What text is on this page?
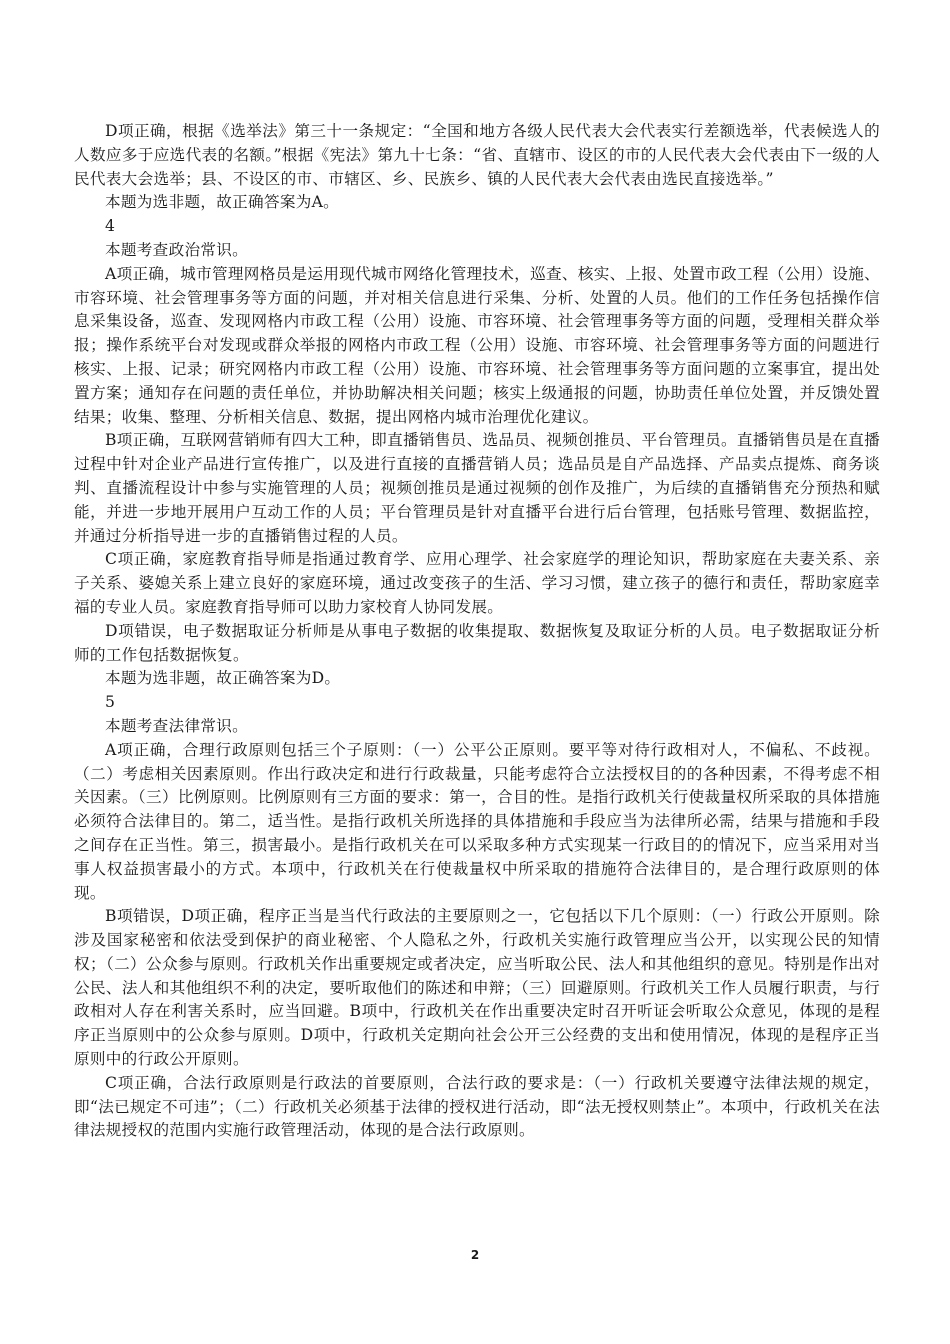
D项正确，根据《选举法》第三十一条规定：“全国和地方各级人民代表大会代表实行差额选举，代表候选人的人数应多于应选代表的名额。”根据《宪法》第九十七条：“省、直辖市、设区的市的人民代表大会代表由下一级的人民代表大会选举；县、不设区的市、市辖区、乡、民族乡、镇的人民代表大会代表由选民直接选举。”

本题为选非题，故正确答案为A。

4

本题考查政治常识。

A项正确，城市管理网格员是运用现代城市网络化管理技术，巡查、核实、上报、处置市政工程（公用）设施、市容环境、社会管理事务等方面的问题，并对相关信息进行采集、分析、处置的人员。他们的工作任务包括操作信息采集设备，巡查、发现网格内市政工程（公用）设施、市容环境、社会管理事务等方面的问题，受理相关群众举报；操作系统平台对发现或群众举报的网格内市政工程（公用）设施、市容环境、社会管理事务等方面的问题进行核实、上报、记录；研究网格内市政工程（公用）设施、市容环境、社会管理事务等方面问题的立案事宜，提出处置方案；通知存在问题的责任单位，并协助解决相关问题；核实上级通报的问题，协助责任单位处置，并反馈处置结果；收集、整理、分析相关信息、数据，提出网格内城市治理优化建议。

B项正确，互联网营销师有四大工种，即直播销售员、选品员、视频创推员、平台管理员。直播销售员是在直播过程中针对企业产品进行宣传推广，以及进行直接的直播营销人员；选品员是自产品选择、产品卖点提炼、商务谈判、直播流程设计中参与实施管理的人员；视频创推员是通过视频的创作及推广，为后续的直播销售充分预热和赋能，并进一步地开展用户互动工作的人员；平台管理员是针对直播平台进行后台管理，包括账号管理、数据监控，并通过分析指导进一步的直播销售过程的人员。

C项正确，家庭教育指导师是指通过教育学、应用心理学、社会家庭学的理论知识，帮助家庭在夫妻关系、亲子关系、婆媳关系上建立良好的家庭环境，通过改变孩子的生活、学习习惯，建立孩子的德行和责任，帮助家庭幸福的专业人员。家庭教育指导师可以助力家校育人协同发展。

D项错误，电子数据取证分析师是从事电子数据的收集提取、数据恢复及取证分析的人员。电子数据取证分析师的工作包括数据恢复。

本题为选非题，故正确答案为D。

5

本题考查法律常识。

A项正确，合理行政原则包括三个子原则：（一）公平公正原则。要平等对待行政相对人，不偏私、不歧视。（二）考虑相关因素原则。作出行政决定和进行行政裁量，只能考虑符合立法授权目的的各种因素，不得考虑不相关因素。（三）比例原则。比例原则有三方面的要求：第一，合目的性。是指行政机关行使裁量权所采取的具体措施必须符合法律目的。第二，适当性。是指行政机关所选择的具体措施和手段应当为法律所必需，结果与措施和手段之间存在正当性。第三，损害最小。是指行政机关在可以采取多种方式实现某一行政目的的情况下，应当采用对当事人权益损害最小的方式。本项中，行政机关在行使裁量权中所采取的措施符合法律目的，是合理行政原则的体现。

B项错误，D项正确，程序正当是当代行政法的主要原则之一，它包括以下几个原则：（一）行政公开原则。除涉及国家秘密和依法受到保护的商业秘密、个人隐私之外，行政机关实施行政管理应当公开，以实现公民的知情权；（二）公众参与原则。行政机关作出重要规定或者决定，应当听取公民、法人和其他组织的意见。特别是作出对公民、法人和其他组织不利的决定，要听取他们的陈述和申辩；（三）回避原则。行政机关工作人员履行职责，与行政相对人存在利害关系时，应当回避。B项中，行政机关在作出重要决定时召开听证会听取公众意见，体现的是程序正当原则中的公众参与原则。D项中，行政机关定期向社会公开三公经费的支出和使用情况，体现的是程序正当原则中的行政公开原则。

C项正确，合法行政原则是行政法的首要原则，合法行政的要求是：（一）行政机关要遵守法律法规的规定，即“法已规定不可违”；（二）行政机关必须基于法律的授权进行活动，即“法无授权则禁止”。本项中，行政机关在法律法规授权的范围内实施行政管理活动，体现的是合法行政原则。

2
